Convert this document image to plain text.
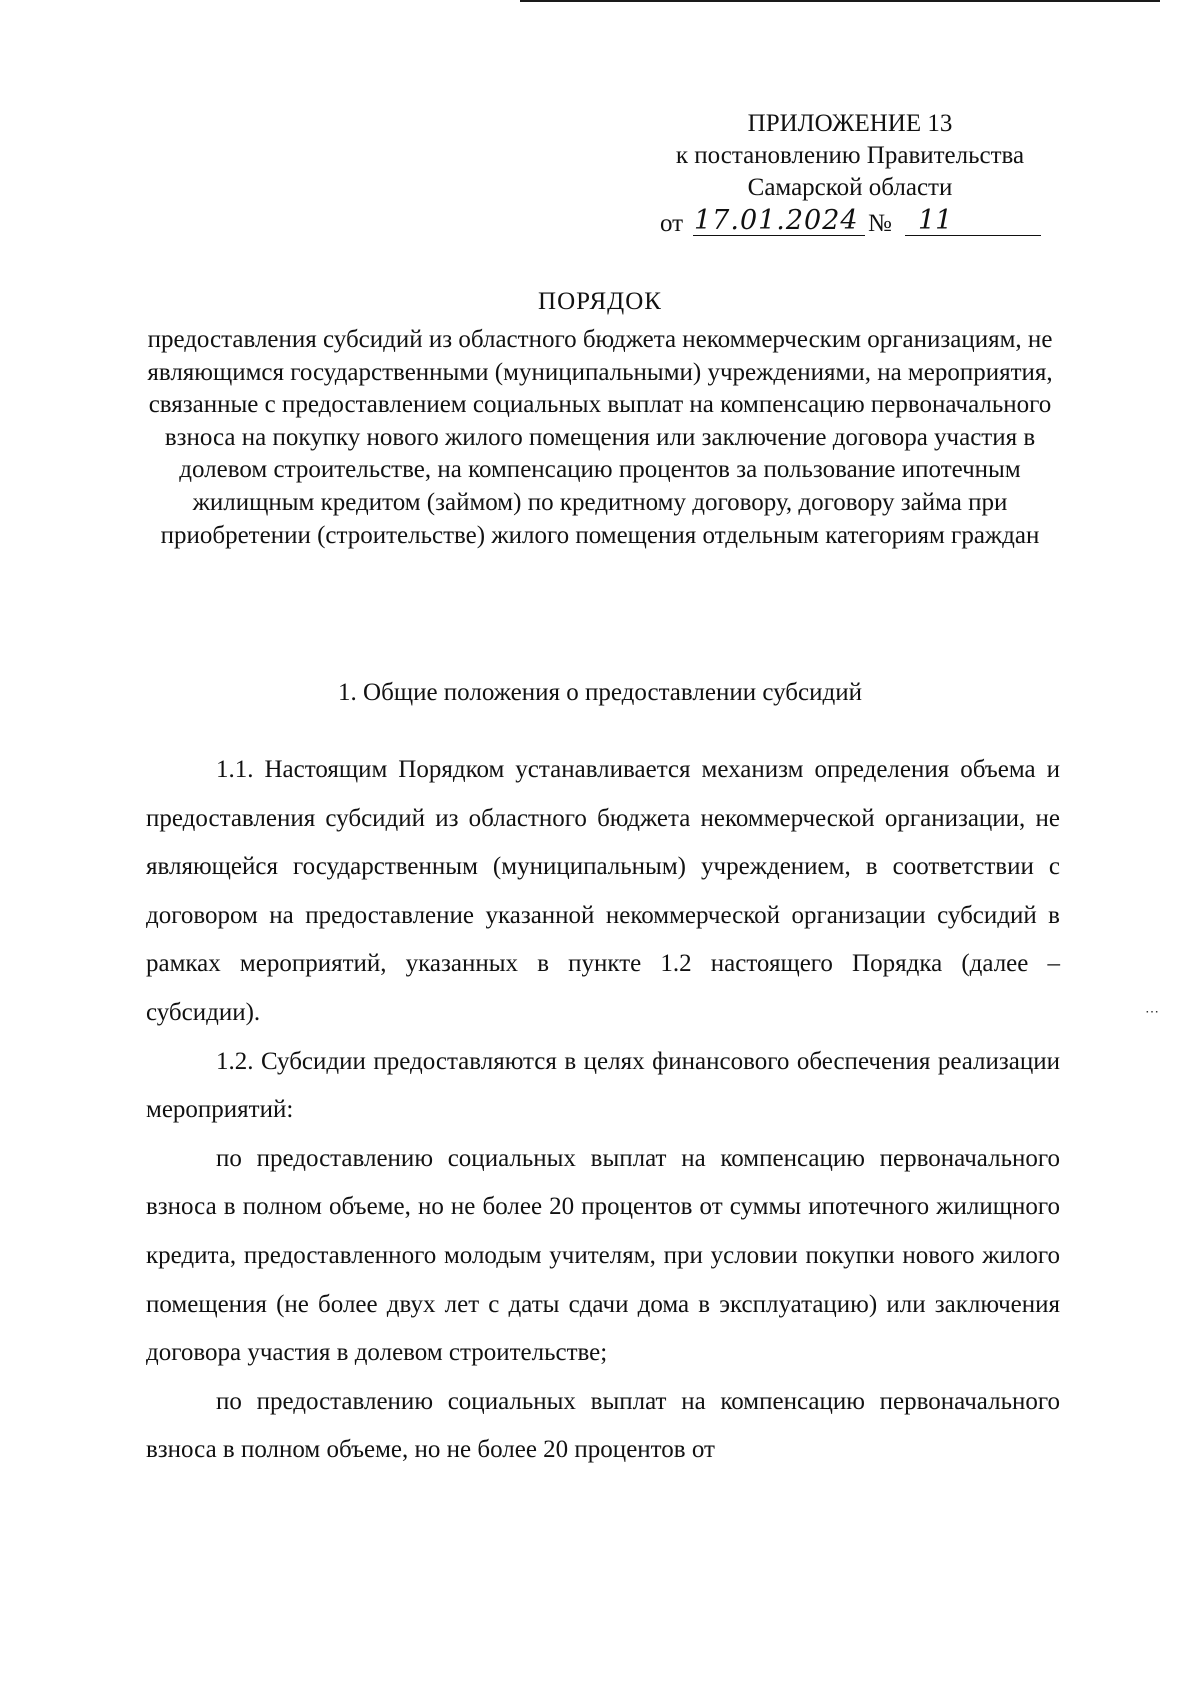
ПРИЛОЖЕНИЕ 13
к постановлению Правительства
Самарской области
от 17.01.2024 № 11
ПОРЯДОК
предоставления субсидий из областного бюджета некоммерческим организациям, не являющимся государственными (муниципальными) учреждениями, на мероприятия, связанные с предоставлением социальных выплат на компенсацию первоначального взноса на покупку нового жилого помещения или заключение договора участия в долевом строительстве, на компенсацию процентов за пользование ипотечным жилищным кредитом (займом) по кредитному договору, договору займа при приобретении (строительстве) жилого помещения отдельным категориям граждан
1. Общие положения о предоставлении субсидий

1.1. Настоящим Порядком устанавливается механизм определения объема и предоставления субсидий из областного бюджета некоммерческой организации, не являющейся государственным (муниципальным) учреждением, в соответствии с договором на предоставление указанной некоммерческой организации субсидий в рамках мероприятий, указанных в пункте 1.2 настоящего Порядка (далее – субсидии).

1.2. Субсидии предоставляются в целях финансового обеспечения реализации мероприятий:

по предоставлению социальных выплат на компенсацию первоначального взноса в полном объеме, но не более 20 процентов от суммы ипотечного жилищного кредита, предоставленного молодым учителям, при условии покупки нового жилого помещения (не более двух лет с даты сдачи дома в эксплуатацию) или заключения договора участия в долевом строительстве;

по предоставлению социальных выплат на компенсацию первоначального взноса в полном объеме, но не более 20 процентов от

⋯
